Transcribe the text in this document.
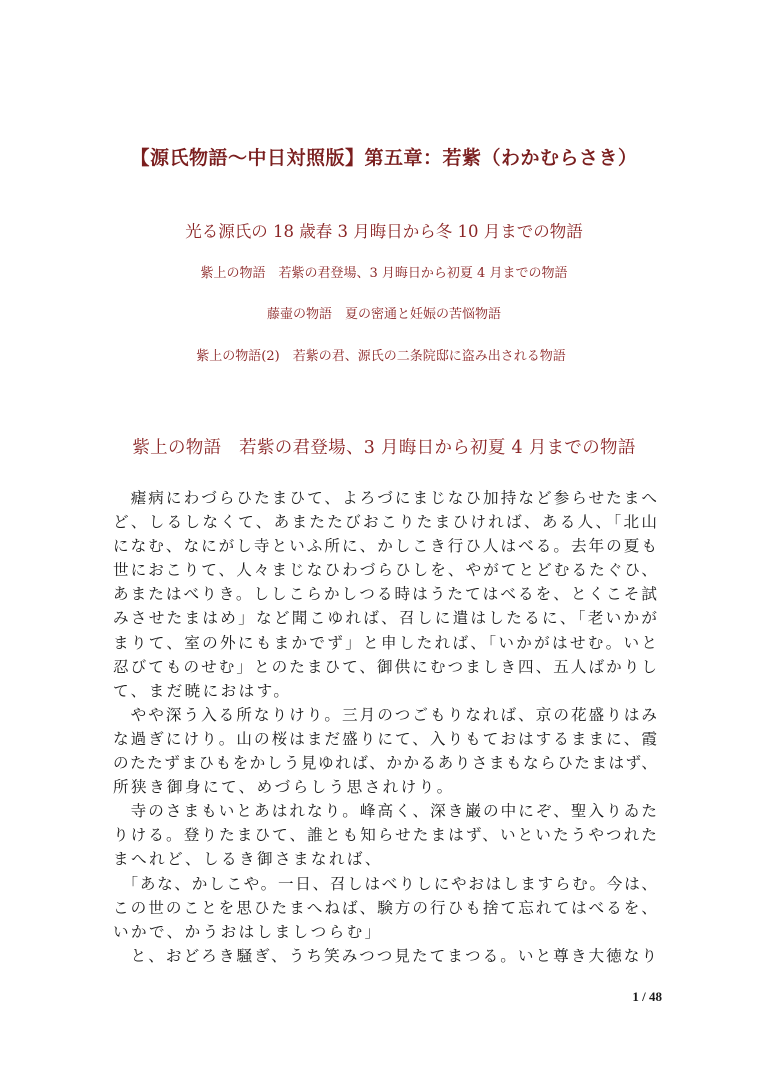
【源氏物語〜中日対照版】第五章：若紫（わかむらさき）
光る源氏の 18 歳春 3 月晦日から冬 10 月までの物語
紫上の物語　若紫の君登場、3 月晦日から初夏 4 月までの物語
藤壷の物語　夏の密通と妊娠の苦悩物語
紫上の物語(2)　若紫の君、源氏の二条院邸に盗み出される物語
紫上の物語　若紫の君登場、3 月晦日から初夏 4 月までの物語
　瘧病にわづらひたまひて、よろづにまじなひ加持など参らせたまへ
ど、しるしなくて、あまたたびおこりたまひければ、ある人、「北山
になむ、なにがし寺といふ所に、かしこき行ひ人はべる。去年の夏も
世におこりて、人々まじなひわづらひしを、やがてとどむるたぐひ、
あまたはべりき。ししこらかしつる時はうたてはべるを、とくこそ試
みさせたまはめ」など聞こゆれば、召しに遣はしたるに、「老いかが
まりて、室の外にもまかでず」と申したれば、「いかがはせむ。いと
忍びてものせむ」とのたまひて、御供にむつましき四、五人ばかりし
て、まだ暁におはす。
　やや深う入る所なりけり。三月のつごもりなれば、京の花盛りはみ
な過ぎにけり。山の桜はまだ盛りにて、入りもておはするままに、霞
のたたずまひもをかしう見ゆれば、かかるありさまもならひたまはず、
所狭き御身にて、めづらしう思されけり。
　寺のさまもいとあはれなり。峰高く、深き巌の中にぞ、聖入りゐた
りける。登りたまひて、誰とも知らせたまはず、いといたうやつれた
まへれど、しるき御さまなれば、
　「あな、かしこや。一日、召しはべりしにやおはしますらむ。今は、
この世のことを思ひたまへねば、験方の行ひも捨て忘れてはべるを、
いかで、かうおはしましつらむ」
　と、おどろき騒ぎ、うち笑みつつ見たてまつる。いと尊き大徳なり
1 / 48
